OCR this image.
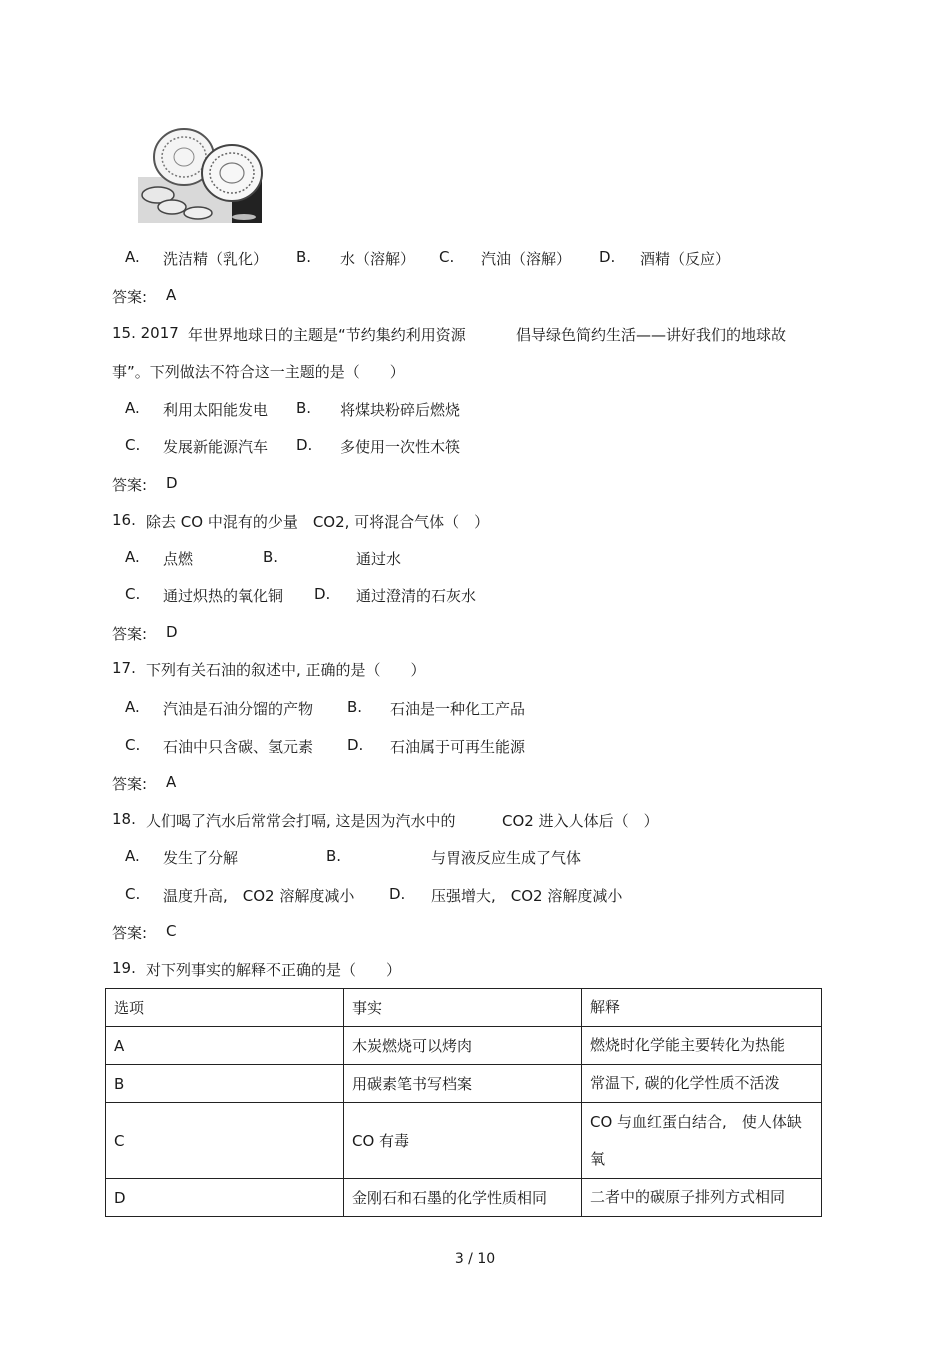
A. 洗洁精（乳化） B. 水（溶解） C. 汽油（溶解） D. 酒精（反应）
答案: A
15. 2017 年世界地球日的主题是“节约集约利用资源	倡导绿色简约生活——讲好我们的地球故
事”。下列做法不符合这一主题的是（　　）
A. 利用太阳能发电 B. 将煤块粉碎后燃烧
C. 发展新能源汽车 D. 多使用一次性木筷
答案: D
16. 除去 CO 中混有的少量　CO2, 可将混合气体（　）
A. 点燃	B.	通过水
C. 通过炽热的氧化铜 D. 通过澄清的石灰水
答案: D
17. 下列有关石油的叙述中, 正确的是（　　）
A. 汽油是石油分馏的产物 B. 石油是一种化工产品
C. 石油中只含碳、氢元素 D. 石油属于可再生能源
答案: A
18. 人们喝了汽水后常常会打嗝, 这是因为汽水中的	CO2 进入人体后（　）
A. 发生了分解	B.	与胃液反应生成了气体
C. 温度升高,　CO2 溶解度减小 D. 压强增大,　CO2 溶解度减小
答案: C
19. 对下列事实的解释不正确的是（　　）
选项	事实	解释
A	木炭燃烧可以烤肉	燃烧时化学能主要转化为热能
B	用碳素笔书写档案	常温下, 碳的化学性质不活泼
C	CO 有毒	CO 与血红蛋白结合,　使人体缺
氧

D	金刚石和石墨的化学性质相同	二者中的碳原子排列方式相同
3 / 10
